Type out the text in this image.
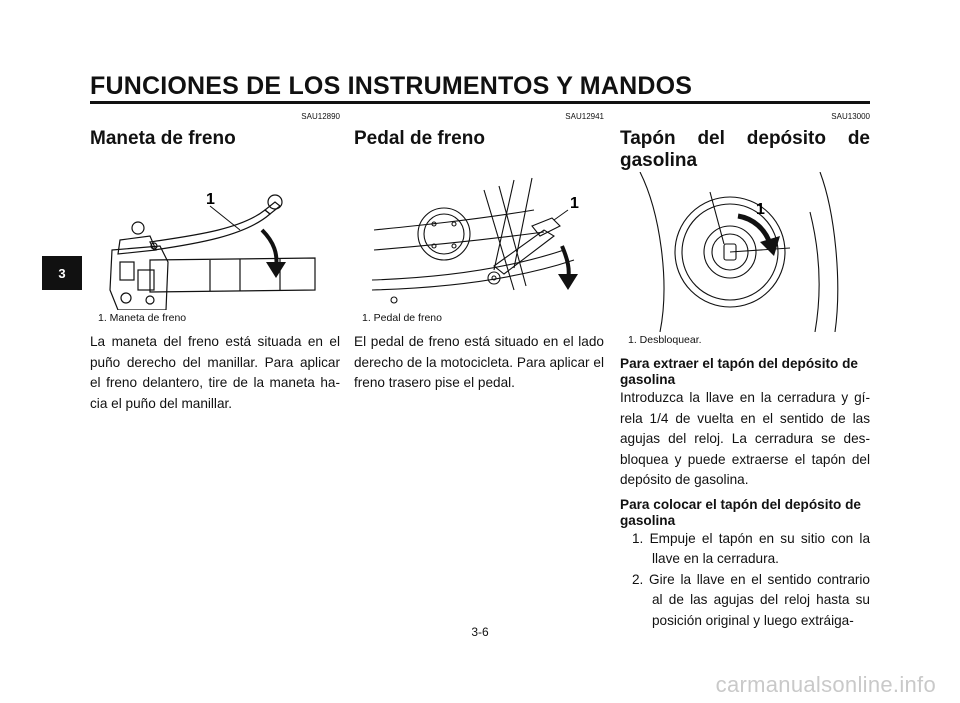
FUNCIONES DE LOS INSTRUMENTOS Y MANDOS
3
SAU12890
Maneta de freno
1
1. Maneta de freno
La maneta del freno está situada en el puño derecho del manillar. Para aplicar el freno delantero, tire de la maneta ha-cia el puño del manillar.
SAU12941
Pedal de freno
1
1. Pedal de freno
El pedal de freno está situado en el lado derecho de la motocicleta. Para aplicar el freno trasero pise el pedal.
SAU13000
Tapón del depósito de gasolina
1
1. Desbloquear.
Para extraer el tapón del depósito de gasolina
Introduzca la llave en la cerradura y gí-rela 1/4 de vuelta en el sentido de las agujas del reloj. La cerradura se des-bloquea y puede extraerse el tapón del depósito de gasolina.
Para colocar el tapón del depósito de gasolina
1. Empuje el tapón en su sitio con la llave en la cerradura.
2. Gire la llave en el sentido contrario al de las agujas del reloj hasta su posición original y luego extráiga-
3-6
carmanualsonline.info
